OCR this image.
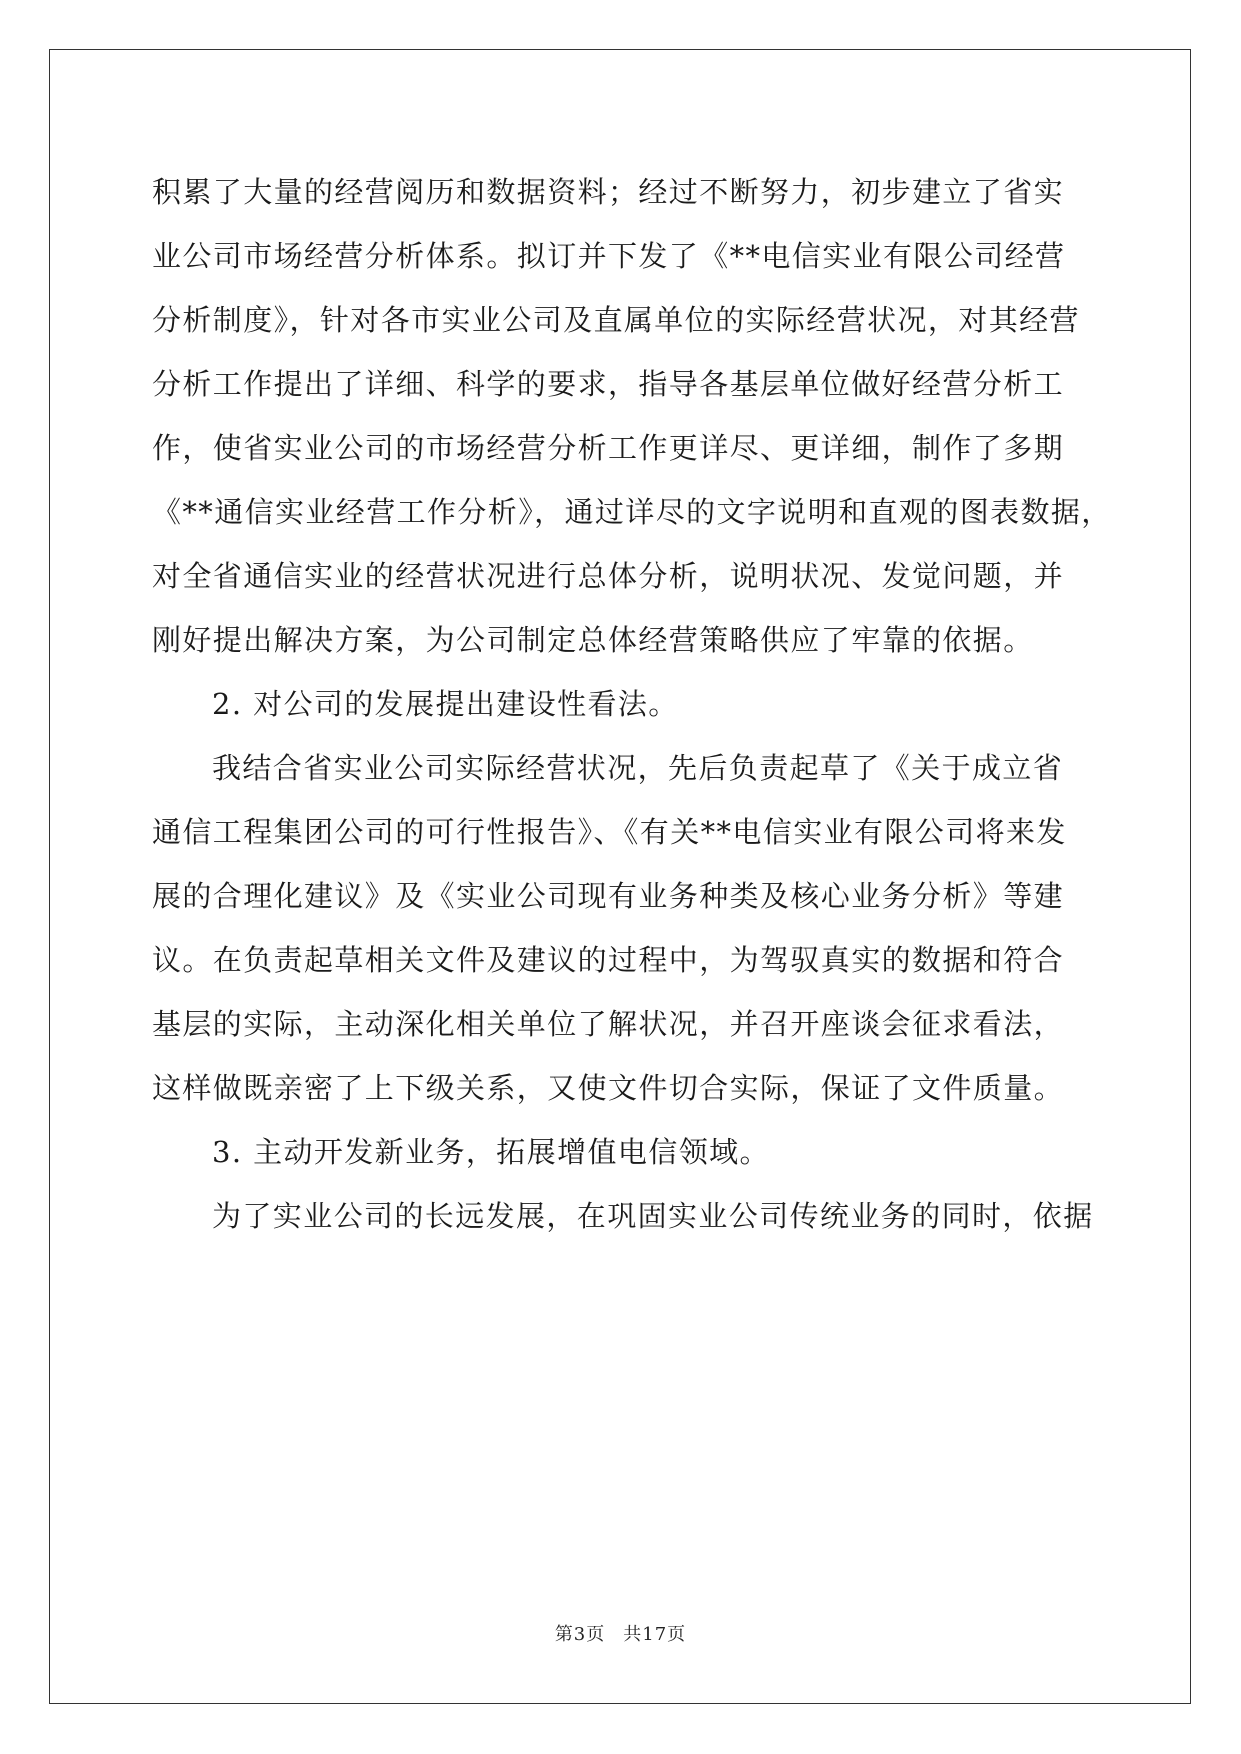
积累了大量的经营阅历和数据资料；经过不断努力，初步建立了省实
业公司市场经营分析体系。拟订并下发了《**电信实业有限公司经营
分析制度》，针对各市实业公司及直属单位的实际经营状况，对其经营
分析工作提出了详细、科学的要求，指导各基层单位做好经营分析工
作，使省实业公司的市场经营分析工作更详尽、更详细，制作了多期
《**通信实业经营工作分析》，通过详尽的文字说明和直观的图表数据，
对全省通信实业的经营状况进行总体分析，说明状况、发觉问题，并
刚好提出解决方案，为公司制定总体经营策略供应了牢靠的依据。
2. 对公司的发展提出建设性看法。
我结合省实业公司实际经营状况，先后负责起草了《关于成立省
通信工程集团公司的可行性报告》、《有关**电信实业有限公司将来发
展的合理化建议》及《实业公司现有业务种类及核心业务分析》等建
议。在负责起草相关文件及建议的过程中，为驾驭真实的数据和符合
基层的实际，主动深化相关单位了解状况，并召开座谈会征求看法，
这样做既亲密了上下级关系，又使文件切合实际，保证了文件质量。
3. 主动开发新业务，拓展增值电信领域。
为了实业公司的长远发展，在巩固实业公司传统业务的同时，依据
第3页 共17页
